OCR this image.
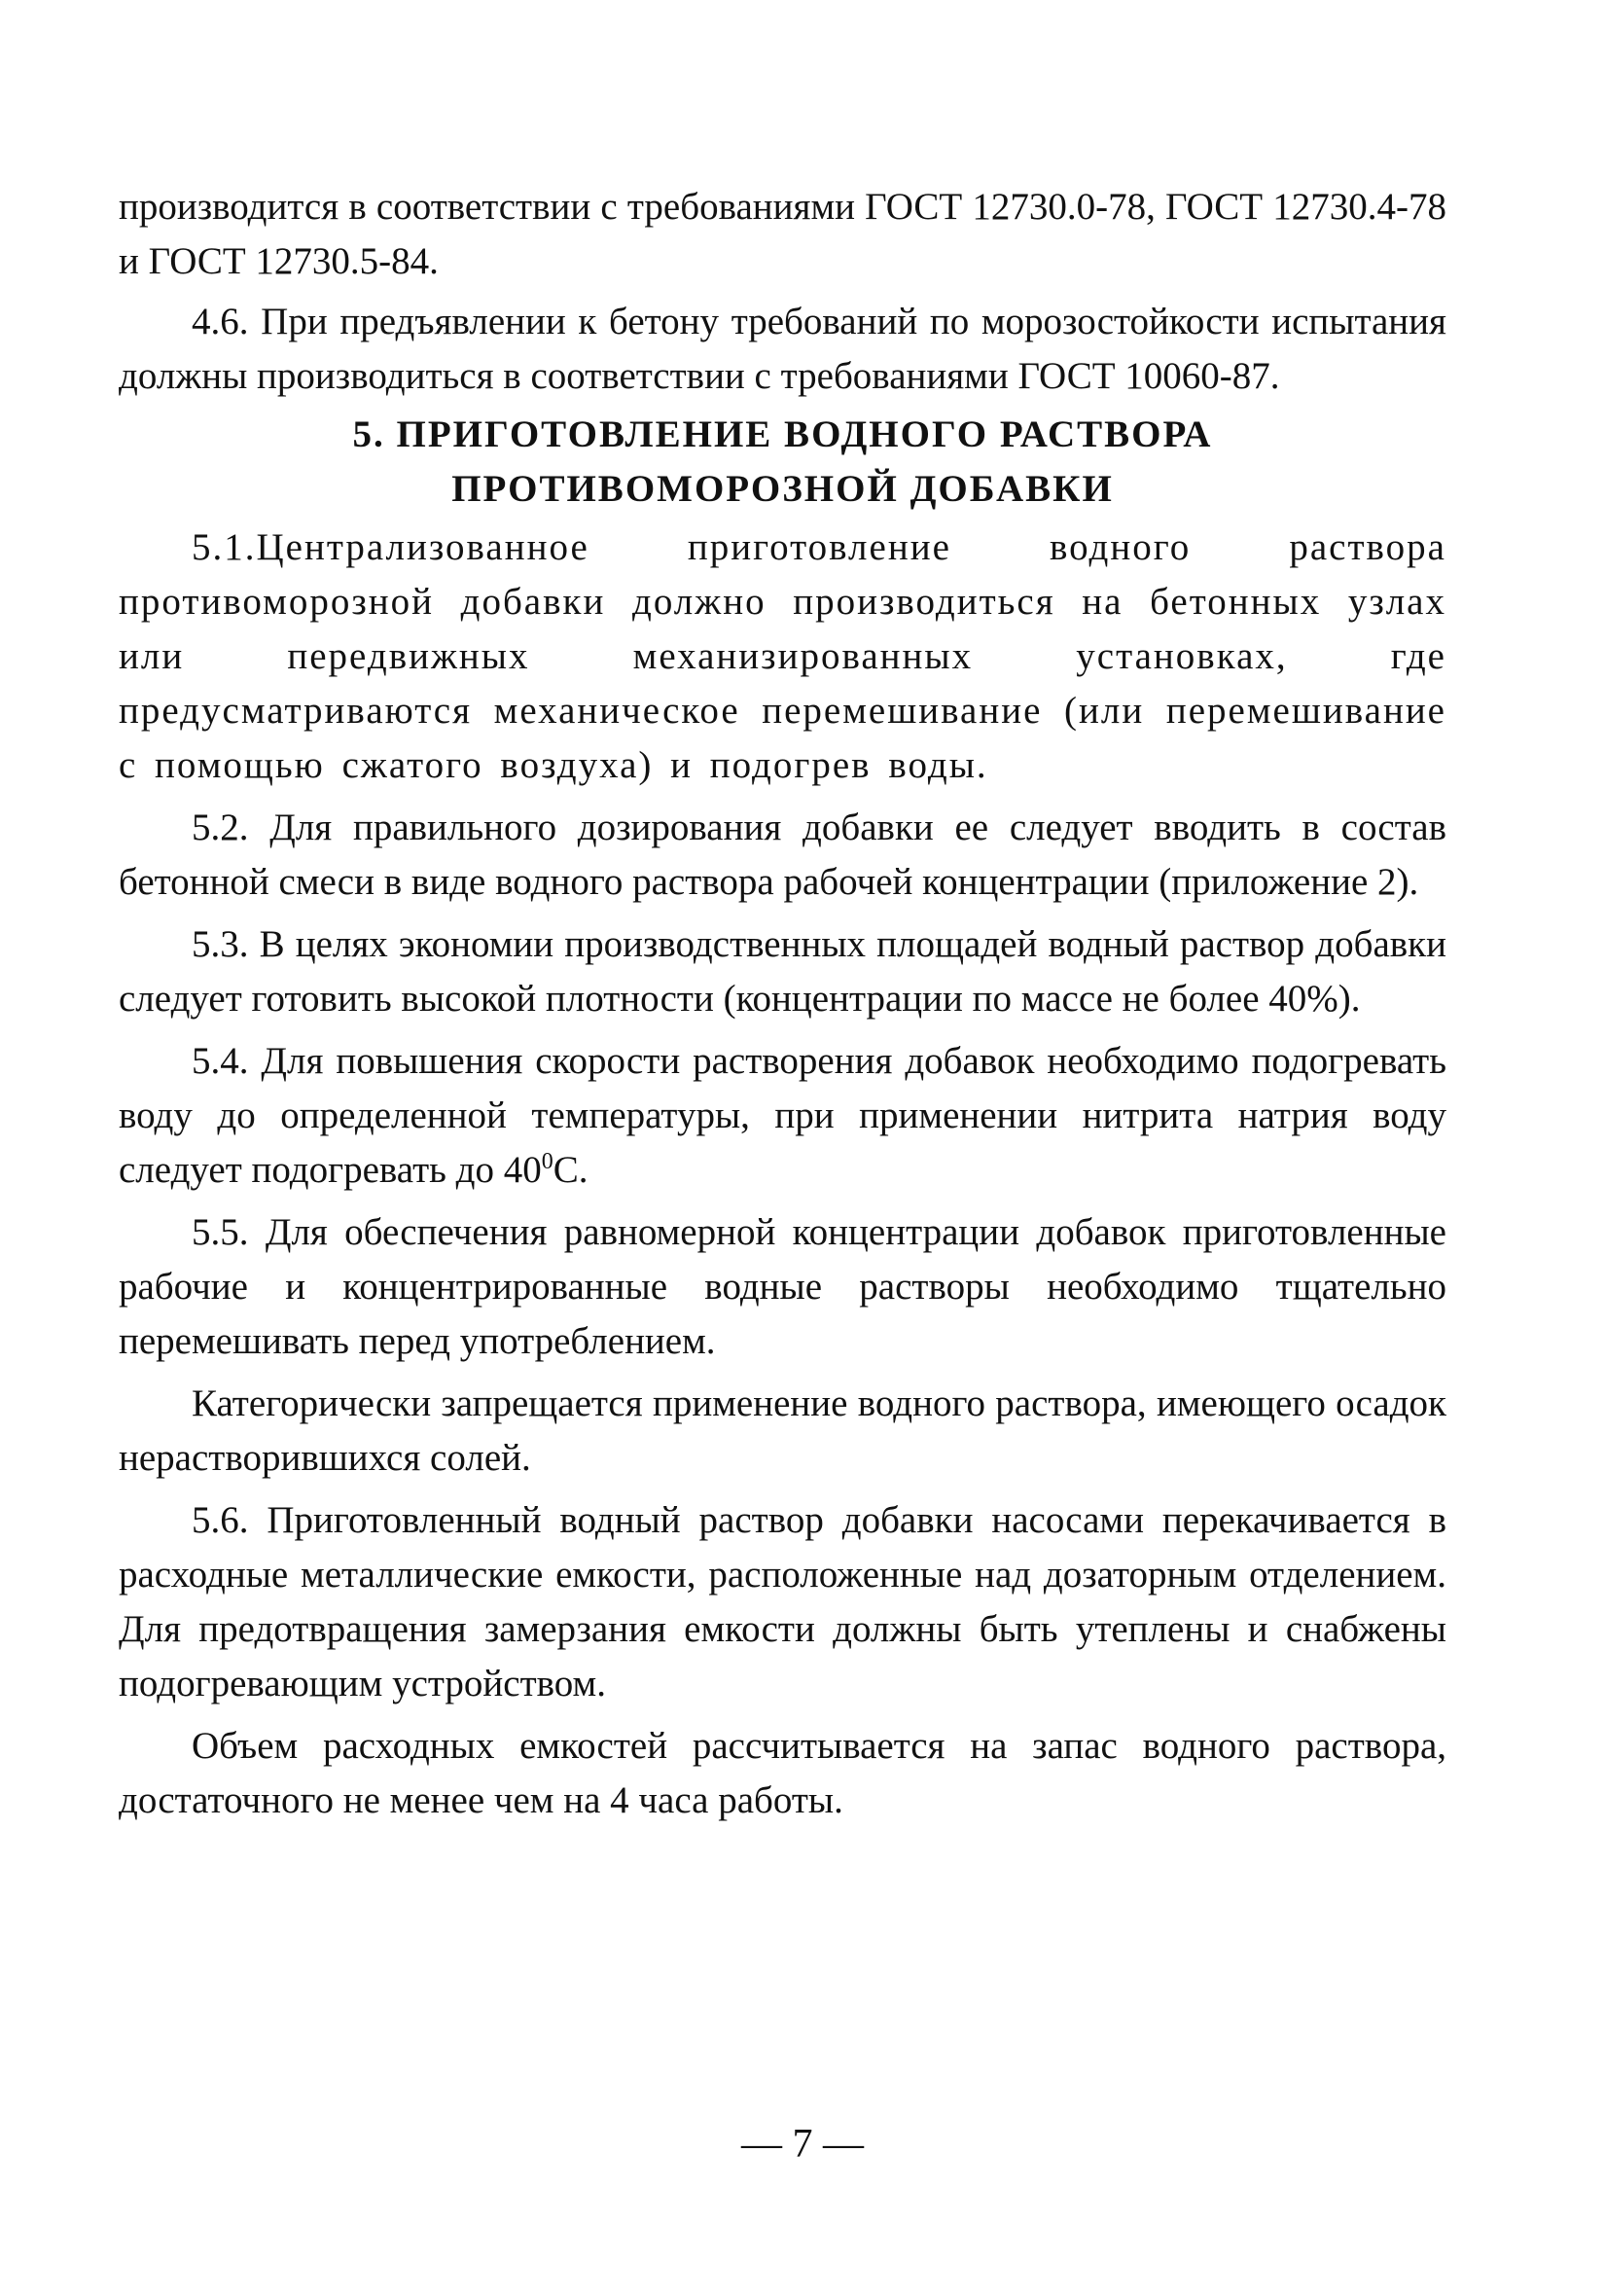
производится в соответствии с требованиями ГОСТ 12730.0-78, ГОСТ 12730.4-78 и ГОСТ 12730.5-84.

4.6. При предъявлении к бетону требований по морозостойкости испытания должны производиться в соответствии с требованиями ГОСТ 10060-87.

5. ПРИГОТОВЛЕНИЕ ВОДНОГО РАСТВОРА
ПРОТИВОМОРОЗНОЙ ДОБАВКИ

5.1.Централизованное приготовление водного раствора противоморозной добавки должно производиться на бетонных узлах или передвижных механизированных установках, где предусматриваются механическое перемешивание (или перемешивание с помощью сжатого воздуха) и подогрев воды.

5.2. Для правильного дозирования добавки ее следует вводить в состав бетонной смеси в виде водного раствора рабочей концентрации (приложение 2).

5.3. В целях экономии производственных площадей водный раствор добавки следует готовить высокой плотности (концентрации по массе не более 40%).

5.4. Для повышения скорости растворения добавок необходимо подогревать воду до определенной температуры, при применении нитрита натрия воду следует подогревать до $40^0С$.

5.5. Для обеспечения равномерной концентрации добавок приготовленные рабочие и концентрированные водные растворы необходимо тщательно перемешивать перед употреблением.

Категорически запрещается применение водного раствора, имеющего осадок нерастворившихся солей.

5.6. Приготовленный водный раствор добавки насосами перекачивается в расходные металлические емкости, расположенные над дозаторным отделением. Для предотвращения замерзания емкости должны быть утеплены и снабжены подогревающим устройством.

Объем расходных емкостей рассчитывается на запас водного раствора, достаточного не менее чем на 4 часа работы.

— 7 —
